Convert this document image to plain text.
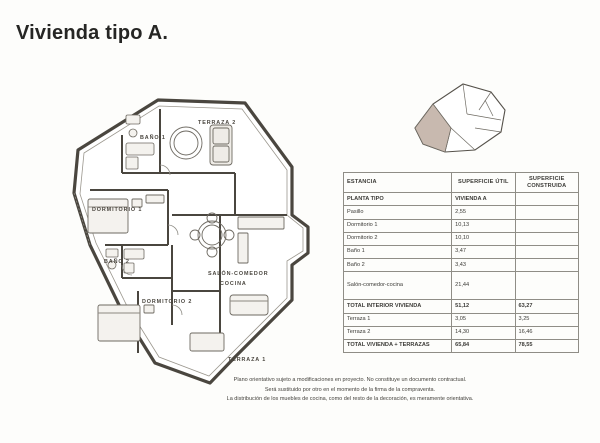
Vivienda tipo A.
BAÑO 1
TERRAZA 2
DORMITORIO 1
BAÑO 2
SALÓN-COMEDOR
COCINA
DORMITORIO 2
TERRAZA 1
ESTANCIA	SUPERFICIE ÚTIL	SUPERFICIE CONSTRUIDA
PLANTA TIPO	VIVIENDA A	
Pasillo	2,55	
Dormitorio 1	10,13	
Dormitorio 2	10,10	
Baño 1	3,47	
Baño 2	3,43	
Salón-comedor-cocina	21,44	
TOTAL INTERIOR VIVIENDA	51,12	63,27
Terraza 1	3,05	3,25
Terraza 2	14,30	16,46
TOTAL VIVIENDA + TERRAZAS	65,84	78,55
Plano orientativo sujeto a modificaciones en proyecto. No constituye un documento contractual.
Será sustituido por otro en el momento de la firma de la compraventa.
La distribución de los muebles de cocina, como del resto de la decoración, es meramente orientativa.
